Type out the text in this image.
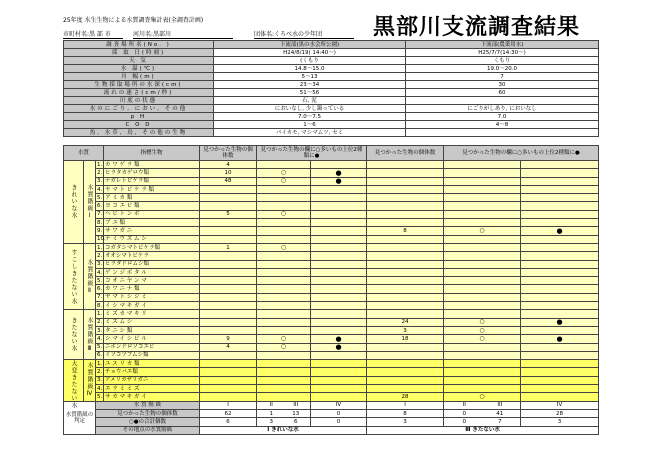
25年度 水生生物による水質調査集計表(全調査計画)	黒部川支流調査結果
市町村名:黒 部 市	河川名:黒部川	団体名:くろべ水の少年団
調査場所名(No. )	下流部(黒の水会所公園)	下流部(農業用水)
採 取 日(時刻)	H24/8/19( 14:40～)	H25/7/7(14:30～)
天 気	(くもり	くもり
水 温(℃)	14.8～15.0	19.0～20.0
川 幅(m)	5～13	7
生物採取場所の水深(cm)	23～34	30
流れの速さ(cm/秒)	51～56	60
川底の状態	石, 泥	
水のにごり, におい, その他	においなし, 少し濁っている	にごりがしあり, においなし
p H	7.0～7.5	7.0
C O D	1～6	4～8
魚, 水草, 鳥, その他の生物	バイカモ, マシマムツ, セミ	
水質			指標生物	見つかった生物の個体数	見つかった生物の欄に○多いもの上位2種類に●		見つかった生物の個体数	見つかった生物の欄に○多いもの上位2種類に●	
きれいな水	水質階級Ⅰ	1.	カ ワ ゲ ラ 類	4					
		2.	ヒラタカゲロウ類	10	○	●			
		3.	ナガレトビケラ類	48	○	●			
		4.	ヤ マ ト ビ ケ ラ 類						
		5.	ア ミ カ 類						
		6.	ヨ コ エ ビ 類						
		7.	ヘ ビ ト ン ボ	5	○				
		8.	ブ ユ 類						
		9.	サ ワ ガ ニ				8	○	●
		10.	ナ ミ ウ ズ ム シ						
すこしきたない水	水質階級Ⅱ	1.	コガタシマトビケラ類	1	○				
		2.	オオシマトビケラ						
		3.	ヒラタドロムシ類						
		4.	ゲ ン ジ ボ タ ル						
		5.	コ オ ニ ヤ ン マ						
		6.	カ ワ ニ ナ 類						
		7.	ヤ マ ト シ ジ ミ						
		8.	イ シ マ キ ガ イ						
きたない水	水質階級Ⅲ	1.	ミ ズ カ マ キ リ						
		2.	ミ ズ ム シ				24	○	●
		3.	タ ニ シ 類				3	○	
		4.	シ マ イ シ ビ ル	9	○	●	18	○	●
		5.	ニホンドロソコエビ	4	○	●			
		6.	イソコツブムシ類						
大変きたない水	水質階級Ⅳ	1.	ユ ス リ カ 類						
		2.	チョウバエ類						
		3.	アメリカザリガニ						
		4.	エ ラ ミ ミ ズ						
		5.	サ カ マ キ ガ イ				28	○	
水質階級の判定		水 質 階 級		I	II III	IV	I	II III	IV
		見つかった生物の個体数		62	1 13	0	8	0 41	28
		○●の合計個数		6	3 6	0	3	0 7	3
		その地点の水質階級		Ⅰ きれいな水			Ⅲ きたない水		
